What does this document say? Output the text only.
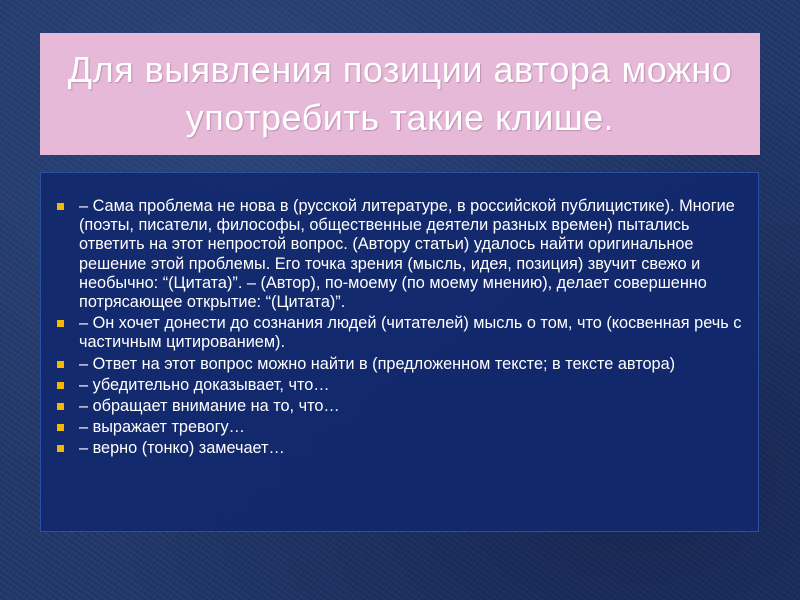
Для выявления позиции автора можно употребить такие клише.
– Сама проблема не нова в (русской литературе, в российской публицистике). Многие (поэты, писатели, философы, общественные деятели разных времен) пытались ответить на этот непростой вопрос. (Автору статьи) удалось найти оригинальное решение этой проблемы. Его точка зрения (мысль, идея, позиция) звучит свежо и необычно: “(Цитата)”. – (Автор), по-моему (по моему мнению), делает совершенно потрясающее открытие: “(Цитата)”.
– Он хочет донести до сознания людей (читателей) мысль о том, что (косвенная речь с частичным цитированием).
– Ответ на этот вопрос можно найти в (предложенном тексте; в тексте автора)
– убедительно доказывает, что…
– обращает внимание на то, что…
– выражает тревогу…
– верно (тонко) замечает…
